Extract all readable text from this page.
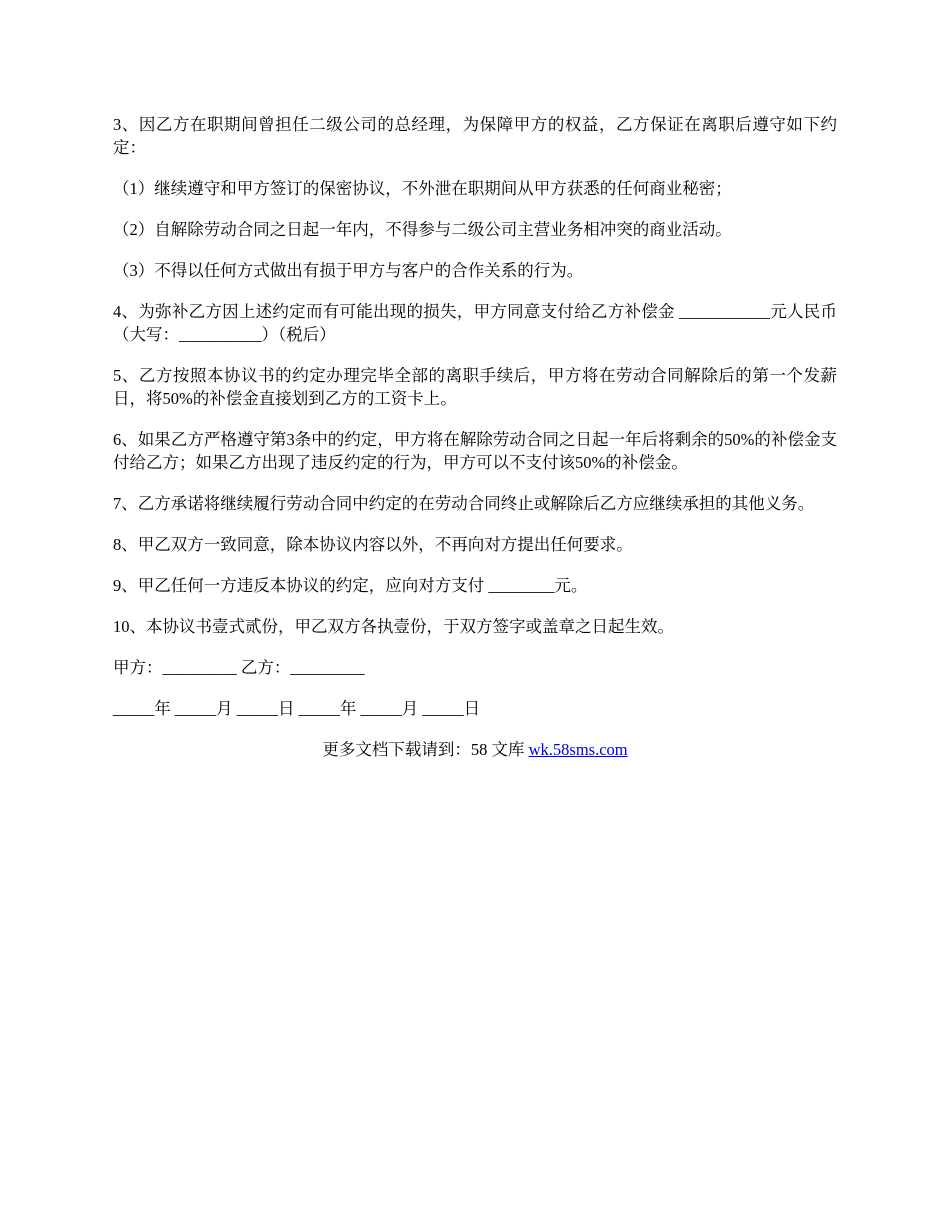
3、因乙方在职期间曾担任二级公司的总经理，为保障甲方的权益，乙方保证在离职后遵守如下约定：

（1）继续遵守和甲方签订的保密协议，不外泄在职期间从甲方获悉的任何商业秘密；

（2）自解除劳动合同之日起一年内，不得参与二级公司主营业务相冲突的商业活动。

（3）不得以任何方式做出有损于甲方与客户的合作关系的行为。

4、为弥补乙方因上述约定而有可能出现的损失，甲方同意支付给乙方补偿金 ___________元人民币（大写：__________）（税后）

5、乙方按照本协议书的约定办理完毕全部的离职手续后，甲方将在劳动合同解除后的第一个发薪日，将50%的补偿金直接划到乙方的工资卡上。

6、如果乙方严格遵守第3条中的约定，甲方将在解除劳动合同之日起一年后将剩余的50%的补偿金支付给乙方；如果乙方出现了违反约定的行为，甲方可以不支付该50%的补偿金。

7、乙方承诺将继续履行劳动合同中约定的在劳动合同终止或解除后乙方应继续承担的其他义务。

8、甲乙双方一致同意，除本协议内容以外，不再向对方提出任何要求。

9、甲乙任何一方违反本协议的约定，应向对方支付 ________元。

10、本协议书壹式贰份，甲乙双方各执壹份，于双方签字或盖章之日起生效。

甲方：_________ 乙方：_________

_____年 _____月 _____日 _____年 _____月 _____日

更多文档下载请到：58 文库 wk.58sms.com
